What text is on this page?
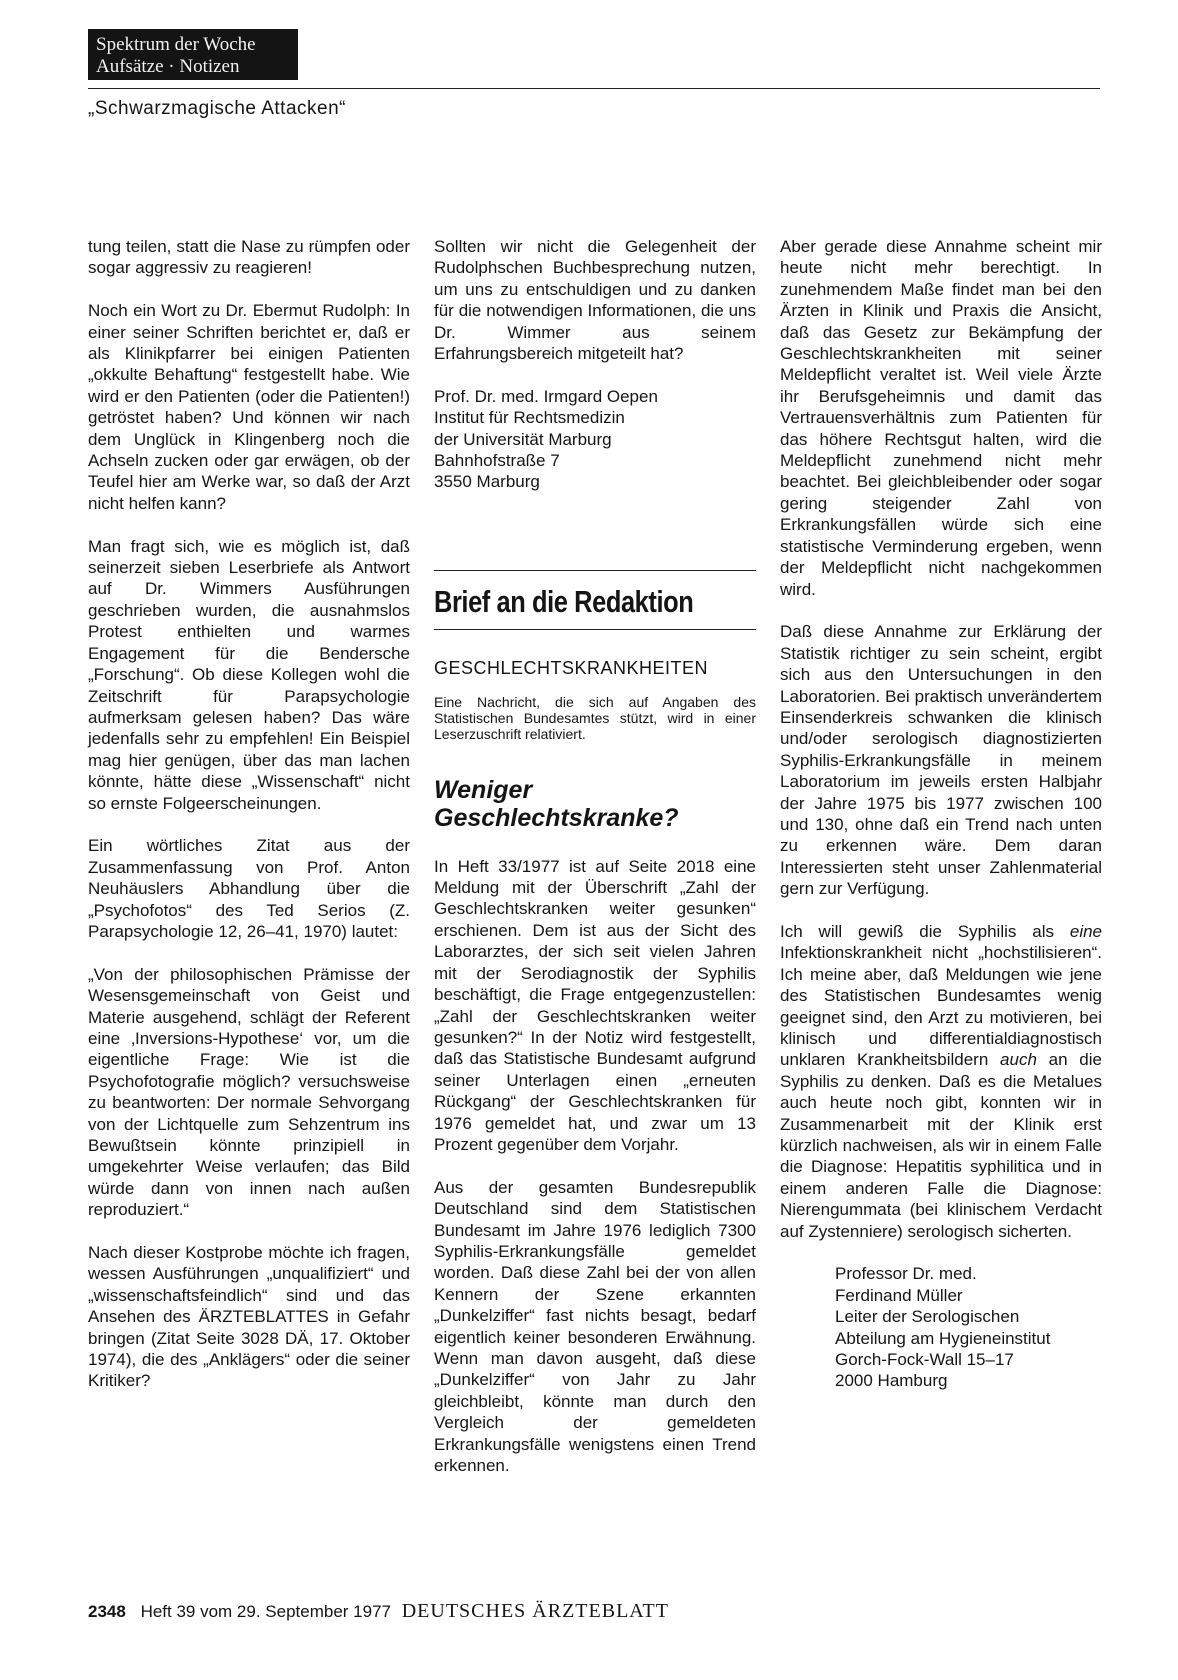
Spektrum der Woche
Aufsätze · Notizen
„Schwarzmagische Attacken“

tung teilen, statt die Nase zu rümpfen oder sogar aggressiv zu reagieren!

Noch ein Wort zu Dr. Ebermut Rudolph: In einer seiner Schriften berichtet er, daß er als Klinikpfarrer bei einigen Patienten „okkulte Behaftung“ festgestellt habe. Wie wird er den Patienten (oder die Patienten!) getröstet haben? Und können wir nach dem Unglück in Klingenberg noch die Achseln zucken oder gar erwägen, ob der Teufel hier am Werke war, so daß der Arzt nicht helfen kann?

Man fragt sich, wie es möglich ist, daß seinerzeit sieben Leserbriefe als Antwort auf Dr. Wimmers Ausführungen geschrieben wurden, die ausnahmslos Protest enthielten und warmes Engagement für die Bendersche „Forschung“. Ob diese Kollegen wohl die Zeitschrift für Parapsychologie aufmerksam gelesen haben? Das wäre jedenfalls sehr zu empfehlen! Ein Beispiel mag hier genügen, über das man lachen könnte, hätte diese „Wissenschaft“ nicht so ernste Folgeerscheinungen.

Ein wörtliches Zitat aus der Zusammenfassung von Prof. Anton Neuhäuslers Abhandlung über die „Psychofotos“ des Ted Serios (Z. Parapsychologie 12, 26–41, 1970) lautet:

„Von der philosophischen Prämisse der Wesensgemeinschaft von Geist und Materie ausgehend, schlägt der Referent eine ‚Inversions-Hypothese‘ vor, um die eigentliche Frage: Wie ist die Psychofotografie möglich? versuchsweise zu beantworten: Der normale Sehvorgang von der Lichtquelle zum Sehzentrum ins Bewußtsein könnte prinzipiell in umgekehrter Weise verlaufen; das Bild würde dann von innen nach außen reproduziert.“

Nach dieser Kostprobe möchte ich fragen, wessen Ausführungen „unqualifiziert“ und „wissenschaftsfeindlich“ sind und das Ansehen des ÄRZTEBLATTES in Gefahr bringen (Zitat Seite 3028 DÄ, 17. Oktober 1974), die des „Anklägers“ oder die seiner Kritiker?

Sollten wir nicht die Gelegenheit der Rudolphschen Buchbesprechung nutzen, um uns zu entschuldigen und zu danken für die notwendigen Informationen, die uns Dr. Wimmer aus seinem Erfahrungsbereich mitgeteilt hat?

Prof. Dr. med. Irmgard Oepen
Institut für Rechtsmedizin
der Universität Marburg
Bahnhofstraße 7
3550 Marburg

Brief an die Redaktion
GESCHLECHTSKRANKHEITEN

Eine Nachricht, die sich auf Angaben des Statistischen Bundesamtes stützt, wird in einer Leserzuschrift relativiert.

Weniger
Geschlechtskranke?

In Heft 33/1977 ist auf Seite 2018 eine Meldung mit der Überschrift „Zahl der Geschlechtskranken weiter gesunken“ erschienen. Dem ist aus der Sicht des Laborarztes, der sich seit vielen Jahren mit der Serodiagnostik der Syphilis beschäftigt, die Frage entgegenzustellen: „Zahl der Geschlechtskranken weiter gesunken?“ In der Notiz wird festgestellt, daß das Statistische Bundesamt aufgrund seiner Unterlagen einen „erneuten Rückgang“ der Geschlechtskranken für 1976 gemeldet hat, und zwar um 13 Prozent gegenüber dem Vorjahr.

Aus der gesamten Bundesrepublik Deutschland sind dem Statistischen Bundesamt im Jahre 1976 lediglich 7300 Syphilis-Erkrankungsfälle gemeldet worden. Daß diese Zahl bei der von allen Kennern der Szene erkannten „Dunkelziffer“ fast nichts besagt, bedarf eigentlich keiner besonderen Erwähnung. Wenn man davon ausgeht, daß diese „Dunkelziffer“ von Jahr zu Jahr gleichbleibt, könnte man durch den Vergleich der gemeldeten Erkrankungsfälle wenigstens einen Trend erkennen.

Aber gerade diese Annahme scheint mir heute nicht mehr berechtigt. In zunehmendem Maße findet man bei den Ärzten in Klinik und Praxis die Ansicht, daß das Gesetz zur Bekämpfung der Geschlechtskrankheiten mit seiner Meldepflicht veraltet ist. Weil viele Ärzte ihr Berufsgeheimnis und damit das Vertrauensverhältnis zum Patienten für das höhere Rechtsgut halten, wird die Meldepflicht zunehmend nicht mehr beachtet. Bei gleichbleibender oder sogar gering steigender Zahl von Erkrankungsfällen würde sich eine statistische Verminderung ergeben, wenn der Meldepflicht nicht nachgekommen wird.

Daß diese Annahme zur Erklärung der Statistik richtiger zu sein scheint, ergibt sich aus den Untersuchungen in den Laboratorien. Bei praktisch unverändertem Einsenderkreis schwanken die klinisch und/oder serologisch diagnostizierten Syphilis-Erkrankungsfälle in meinem Laboratorium im jeweils ersten Halbjahr der Jahre 1975 bis 1977 zwischen 100 und 130, ohne daß ein Trend nach unten zu erkennen wäre. Dem daran Interessierten steht unser Zahlenmaterial gern zur Verfügung.

Ich will gewiß die Syphilis als eine Infektionskrankheit nicht „hochstilisieren“. Ich meine aber, daß Meldungen wie jene des Statistischen Bundesamtes wenig geeignet sind, den Arzt zu motivieren, bei klinisch und differentialdiagnostisch unklaren Krankheitsbildern auch an die Syphilis zu denken. Daß es die Metalues auch heute noch gibt, konnten wir in Zusammenarbeit mit der Klinik erst kürzlich nachweisen, als wir in einem Falle die Diagnose: Hepatitis syphilitica und in einem anderen Falle die Diagnose: Nierengummata (bei klinischem Verdacht auf Zystenniere) serologisch sicherten.

Professor Dr. med.
Ferdinand Müller
Leiter der Serologischen
Abteilung am Hygieneinstitut
Gorch-Fock-Wall 15–17
2000 Hamburg
2348 Heft 39 vom 29. September 1977 DEUTSCHES ÄRZTEBLATT
